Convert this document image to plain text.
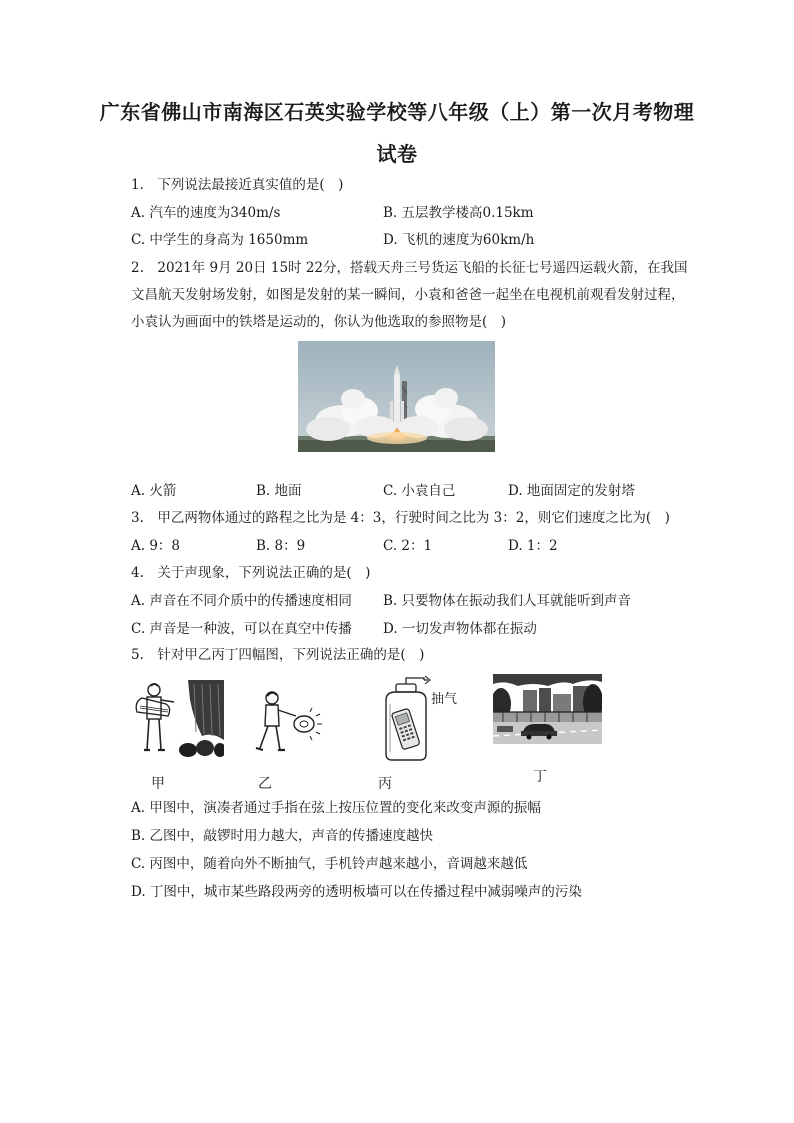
广东省佛山市南海区石英实验学校等八年级（上）第一次月考物理
试卷
1.　下列说法最接近真实值的是(　)
A. 汽车的速度为340m/s	B. 五层教学楼高0.15km
C. 中学生的身高为 1650mm	D. 飞机的速度为60km/h
2.　2021年 9月 20日 15时 22分，搭载天舟三号货运飞船的长征七号遥四运载火箭，在我国
文昌航天发射场发射，如图是发射的某一瞬间，小袁和爸爸一起坐在电视机前观看发射过程，
小袁认为画面中的铁塔是运动的，你认为他选取的参照物是(　)
A. 火箭	B. 地面	C. 小袁自己	D. 地面固定的发射塔
3.　甲乙两物体通过的路程之比为是 4：3，行驶时间之比为 3：2，则它们速度之比为(　)
A. 9：8	B. 8：9	C. 2：1	D. 1：2
4.　关于声现象，下列说法正确的是(　)
A. 声音在不同介质中的传播速度相同 B. 只要物体在振动我们人耳就能听到声音
C. 声音是一种波，可以在真空中传播 D. 一切发声物体都在振动
5.　针对甲乙丙丁四幅图，下列说法正确的是(　)
甲	乙
抽气
丙	丁
A. 甲图中，演凑者通过手指在弦上按压位置的变化来改变声源的振幅
B. 乙图中，敲锣时用力越大，声音的传播速度越快
C. 丙图中，随着向外不断抽气，手机铃声越来越小，音调越来越低
D. 丁图中，城市某些路段两旁的透明板墙可以在传播过程中减弱噪声的污染
